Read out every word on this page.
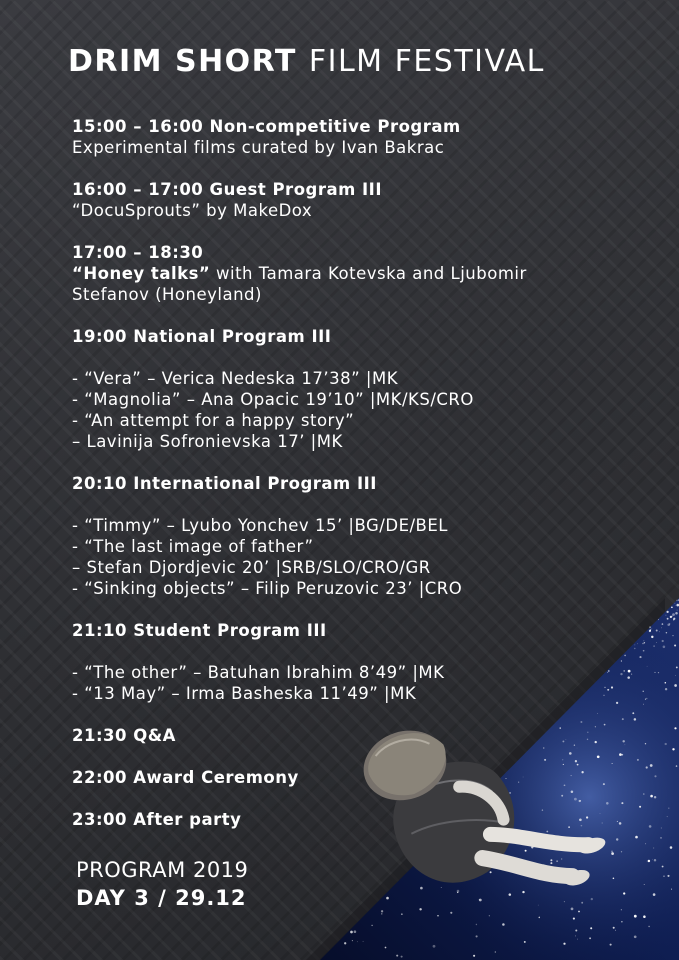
DRIM SHORT FILM FESTIVAL
15:00 – 16:00 Non-competitive Program
Experimental films curated by Ivan Bakrac
16:00 – 17:00 Guest Program III
“DocuSprouts” by MakeDox
17:00 – 18:30
“Honey talks” with Tamara Kotevska and Ljubomir
Stefanov (Honeyland)
19:00 National Program III
- “Vera” – Verica Nedeska 17’38” |MK
- “Magnolia” – Ana Opacic 19’10” |MK/KS/CRO
- “An attempt for a happy story”
– Lavinija Sofronievska 17’ |MK
20:10 International Program III
- “Timmy” – Lyubo Yonchev 15’ |BG/DE/BEL
- “The last image of father”
– Stefan Djordjevic 20’ |SRB/SLO/CRO/GR
- “Sinking objects” – Filip Peruzovic 23’ |CRO
21:10 Student Program III
- “The other” – Batuhan Ibrahim 8’49” |MK
- “13 May” – Irma Basheska 11’49” |MK
21:30 Q&A
22:00 Award Ceremony
23:00 After party
PROGRAM 2019
DAY 3 / 29.12
